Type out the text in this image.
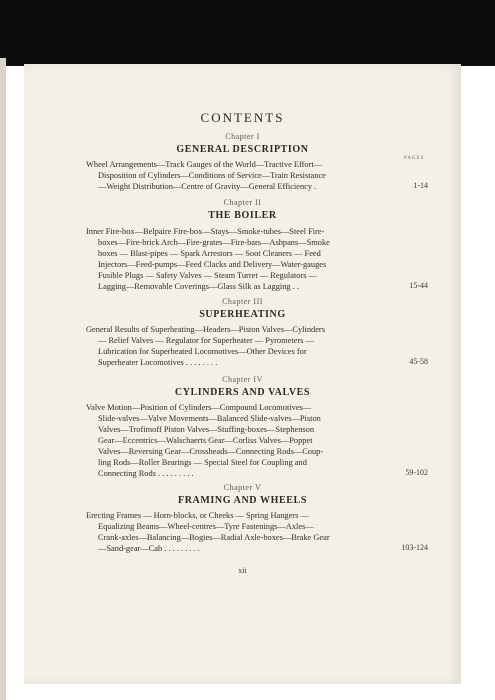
CONTENTS
PAGES
Chapter I
GENERAL DESCRIPTION
Wheel Arrangements—Track Gauges of the World—Tractive Effort—
Disposition of Cylinders—Conditions of Service—Train Resistance
—Weight Distribution—Centre of Gravity—General Efficiency .	1-14
Chapter II
THE BOILER
Inner Fire-box—Belpaire Fire-box—Stays—Smoke-tubes—Steel Fire-
boxes—Fire-brick Arch—Fire-grates—Fire-bars—Ashpans—Smoke
boxes — Blast-pipes — Spark Arrestors — Soot Cleaners — Feed
Injectors—Feed-pumps—Feed Clacks and Delivery—Water-gauges
Fusible Plugs — Safety Valves — Steam Turret — Regulators —
Lagging—Removable Coverings—Glass Silk as Lagging . .	15-44
Chapter III
SUPERHEATING
General Results of Superheating—Headers—Piston Valves—Cylinders
— Relief Valves — Regulator for Superheater — Pyrometers —
Lubrication for Superheated Locomotives—Other Devices for
Superheater Locomotives . . . . . . . .	45-58
Chapter IV
CYLINDERS AND VALVES
Valve Motion—Position of Cylinders—Compound Locomotives—
Slide-valves—Valve Movements—Balanced Slide-valves—Piston
Valves—Trofimoff Piston Valves—Stuffing-boxes—Stephenson
Gear—Eccentrics—Walschaerts Gear—Corliss Valves—Poppet
Valves—Reversing Gear—Crossheads—Connecting Rods—Coup-
ling Rods—Roller Bearings — Special Steel for Coupling and
Connecting Rods . . . . . . . . .	59-102
Chapter V
FRAMING AND WHEELS
Erecting Frames — Horn-blocks, or Cheeks — Spring Hangers —
Equalizing Beams—Wheel-centres—Tyre Fastenings—Axles—
Crank-axles—Balancing—Bogies—Radial Axle-boxes—Brake Gear
—Sand-gear—Cab . . . . . . . . .	103-124
xii
